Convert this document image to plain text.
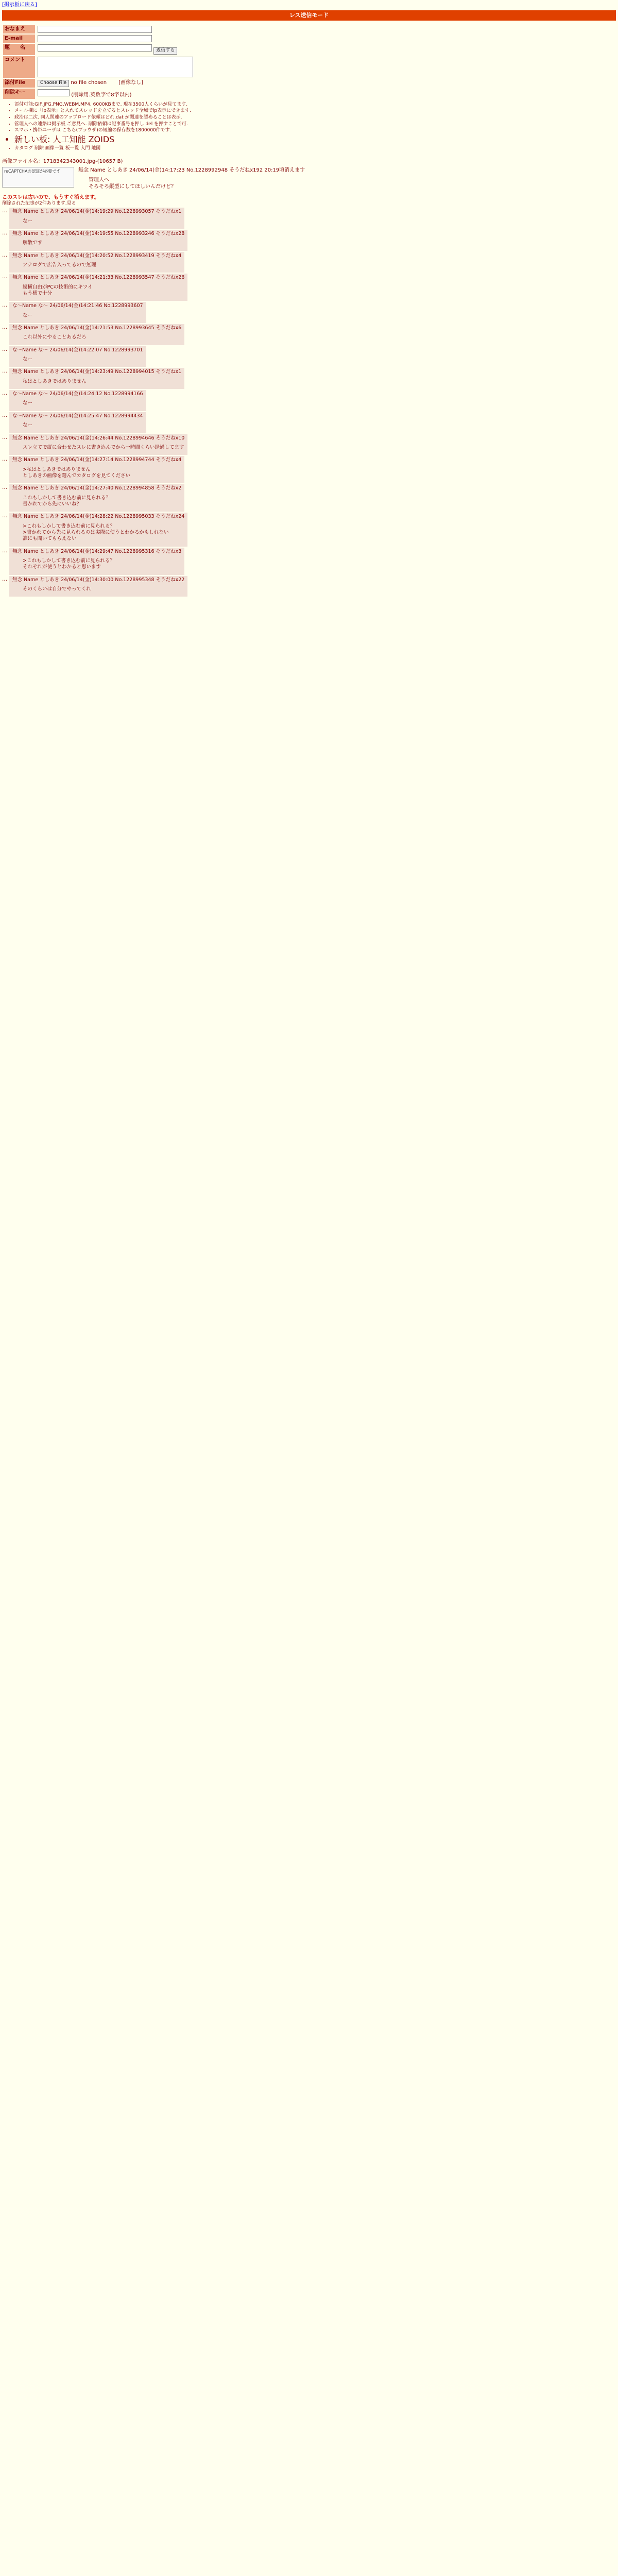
[掲示板に戻る]
レス送信モード
おなまえ	

E-mail	

題　　名	返信する
コメント	

添付File	Choose File no file chosen [画像なし]
削除キー	(削除用.英数字で8字以内)
• 添付可能:GIF,JPG,PNG,WEBM,MP4. 6000KBまで. 現在3500人くらいが見てます.
• メール欄に「ip表示」と入れてスレッドを立てるとスレッド全域でip表示にできます.
• 政治は二次. 同人関連のアップロード依頼はどれ.dat が関連を認めることは表示.
• 管理人への連絡は掲示板 ご意見へ. 削除依頼は記事番号を押し del を押すことで可.
• スマホ・携帯ユーザは こちら(ブラウザ)の短縮の保存数を1800000件です.
• 新しい板: 人工知能 ZOIDS
• カタログ 削除 画像一覧 板一覧 入門 地図
画像ファイル名：1718342343001.jpg-(10657 B)
reCAPTCHAの認証が必要です	無念 Name としあき 24/06/14(金)14:17:23 No.1228992948 そうだねx192 20:19頃消えます
管理人へ
そろそろ縦型にしてほしいんだけど？
このスレは古いので、もうすぐ消えます。
削除された記事が2件あります.見る
…	無念 Name としあき 24/06/14(金)14:19:29 No.1228993057 そうだねx1
なー
…	無念 Name としあき 24/06/14(金)14:19:55 No.1228993246 そうだねx28
解散です
…	無念 Name としあき 24/06/14(金)14:20:52 No.1228993419 そうだねx4
アナログで広告入ってるので無理
…	無念 Name としあき 24/06/14(金)14:21:33 No.1228993547 そうだねx26
縦横自由がPCの技術的にキツイ
もう横で十分
…	な～Name な～ 24/06/14(金)14:21:46 No.1228993607
なー
…	無念 Name としあき 24/06/14(金)14:21:53 No.1228993645 そうだねx6
これ以外にやることあるだろ
…	な～Name な～ 24/06/14(金)14:22:07 No.1228993701
なー
…	無念 Name としあき 24/06/14(金)14:23:49 No.1228994015 そうだねx1
私はとしあきではありません
…	な～Name な～ 24/06/14(金)14:24:12 No.1228994166
なー
…	な～Name な～ 24/06/14(金)14:25:47 No.1228994434
なー
…	無念 Name としあき 24/06/14(金)14:26:44 No.1228994646 そうだねx10
スレ立てで縦に合わせたスレに書き込んでから一時間くらい経過してます
…	無念 Name としあき 24/06/14(金)14:27:14 No.1228994744 そうだねx4
>私はとしあきではありません
としあきの画像を選んでカタログを見てください
…	無念 Name としあき 24/06/14(金)14:27:40 No.1228994858 そうだねx2
これもしかして書き込む前に見られる？
書かれてから先にいいね？
…	無念 Name としあき 24/06/14(金)14:28:22 No.1228995033 そうだねx24
>これもしかして書き込む前に見られる？
>書かれてから先に見られるのは実際に使うとわかるかもしれない
誰にも聞いてもらえない
…	無念 Name としあき 24/06/14(金)14:29:47 No.1228995316 そうだねx3
>これもしかして書き込む前に見られる？
それぞれが使うとわかると思います
…	無念 Name としあき 24/06/14(金)14:30:00 No.1228995348 そうだねx22
そのくらいは自分でやってくれ
